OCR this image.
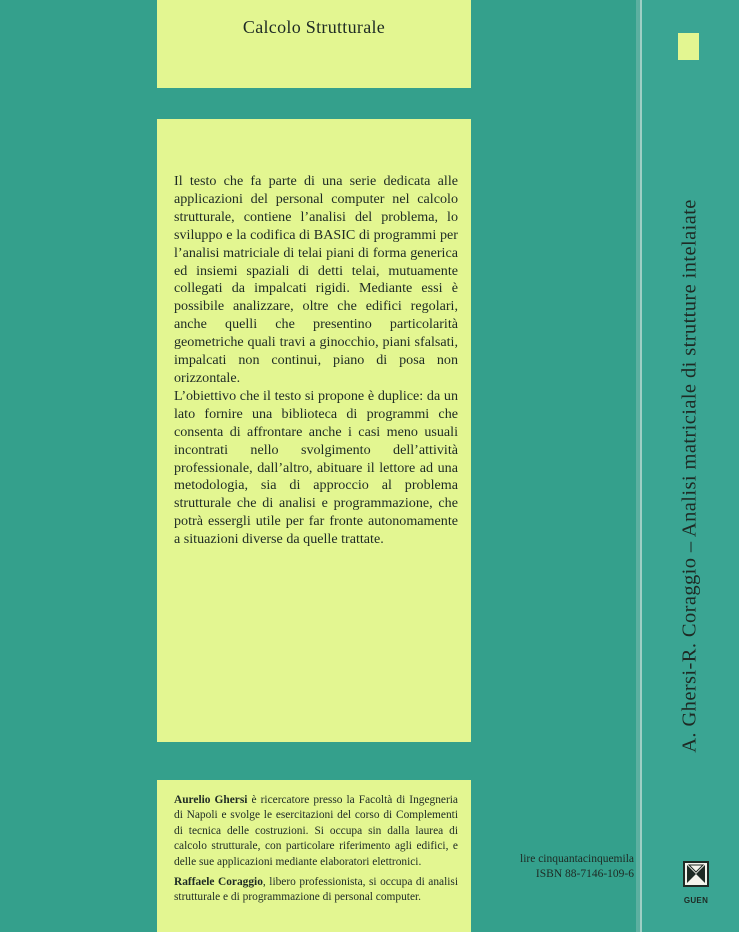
Calcolo Strutturale

Il testo che fa parte di una serie dedicata alle applicazioni del personal computer nel calcolo strutturale, contiene l’analisi del problema, lo sviluppo e la codifica di BASIC di programmi per l’analisi matriciale di telai piani di forma generica ed insiemi spaziali di detti telai, mutuamente collegati da impalcati rigidi. Mediante essi è possibile analizzare, oltre che edifici regolari, anche quelli che presentino particolarità geometriche quali travi a ginocchio, piani sfalsati, impalcati non continui, piano di posa non orizzontale.

L’obiettivo che il testo si propone è duplice: da un lato fornire una biblioteca di programmi che consenta di affrontare anche i casi meno usuali incontrati nello svolgimento dell’attività professionale, dall’altro, abituare il lettore ad una metodologia, sia di approccio al problema strutturale che di analisi e programmazione, che potrà essergli utile per far fronte autonomamente a situazioni diverse da quelle trattate.

Aurelio Ghersi è ricercatore presso la Facoltà di Ingegneria di Napoli e svolge le esercitazioni del corso di Complementi di tecnica delle costruzioni. Si occupa sin dalla laurea di calcolo strutturale, con particolare riferimento agli edifici, e delle sue applicazioni mediante elaboratori elettronici.

Raffaele Coraggio, libero professionista, si occupa di analisi strutturale e di programmazione di personal computer.

lire cinquantacinquemila
ISBN 88-7146-109-6
A. Ghersi-R. Coraggio – Analisi matriciale di strutture intelaiate
GUEN
